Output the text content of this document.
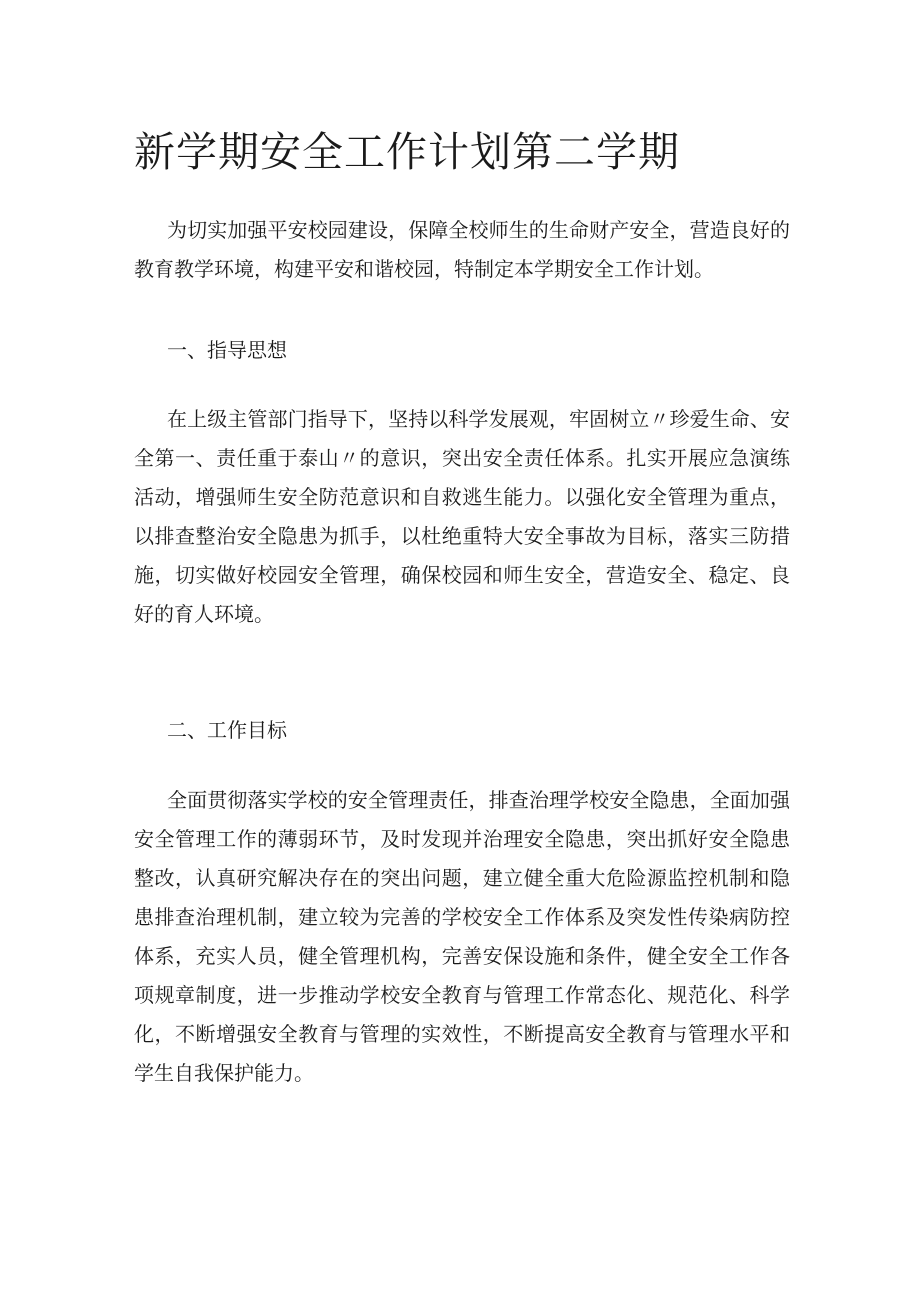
新学期安全工作计划第二学期

为切实加强平安校园建设，保障全校师生的生命财产安全，营造良好的教育教学环境，构建平安和谐校园，特制定本学期安全工作计划。

一、指导思想

在上级主管部门指导下，坚持以科学发展观，牢固树立〃珍爱生命、安全第一、责任重于泰山〃的意识，突出安全责任体系。扎实开展应急演练活动，增强师生安全防范意识和自救逃生能力。以强化安全管理为重点，以排查整治安全隐患为抓手，以杜绝重特大安全事故为目标，落实三防措施，切实做好校园安全管理，确保校园和师生安全，营造安全、稳定、良好的育人环境。

二、工作目标

全面贯彻落实学校的安全管理责任，排查治理学校安全隐患，全面加强安全管理工作的薄弱环节，及时发现并治理安全隐患，突出抓好安全隐患整改，认真研究解决存在的突出问题，建立健全重大危险源监控机制和隐患排查治理机制，建立较为完善的学校安全工作体系及突发性传染病防控体系，充实人员，健全管理机构，完善安保设施和条件，健全安全工作各项规章制度，进一步推动学校安全教育与管理工作常态化、规范化、科学化，不断增强安全教育与管理的实效性，不断提高安全教育与管理水平和学生自我保护能力。
